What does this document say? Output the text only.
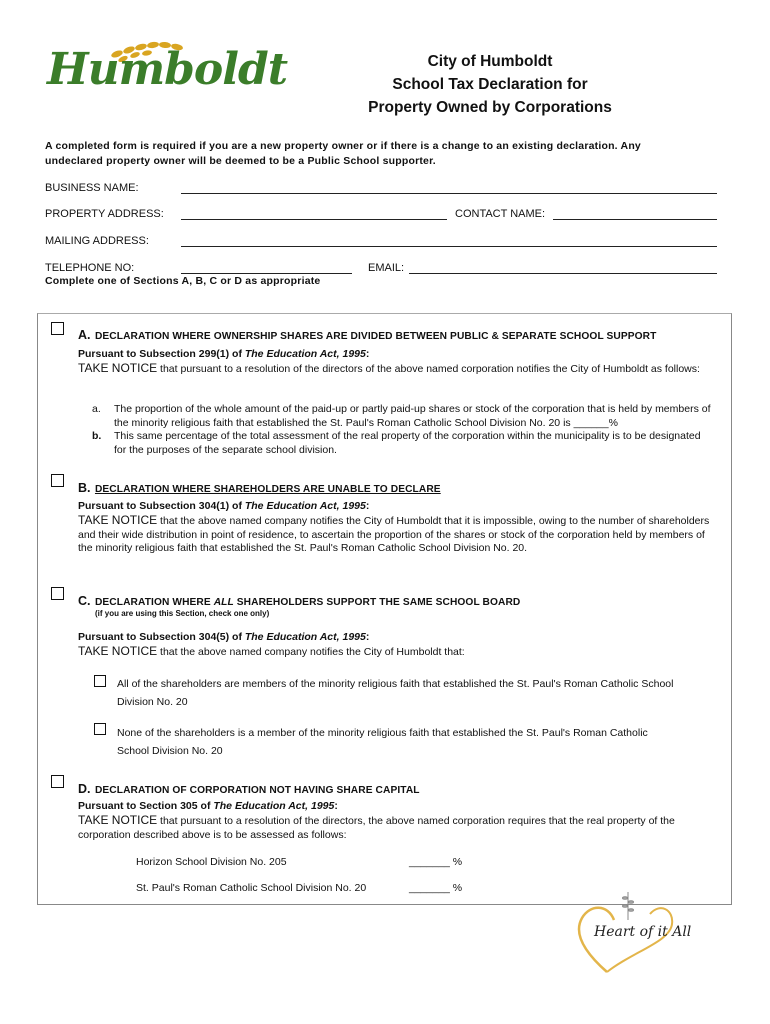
Humboldt	City of Humboldt
School Tax Declaration for
Property Owned by Corporations
A completed form is required if you are a new property owner or if there is a change to an existing declaration. Any undeclared property owner will be deemed to be a Public School supporter.
BUSINESS NAME:
PROPERTY ADDRESS:	CONTACT NAME:
MAILING ADDRESS:
TELEPHONE NO:	EMAIL:
Complete one of Sections A, B, C or D as appropriate
A. DECLARATION WHERE OWNERSHIP SHARES ARE DIVIDED BETWEEN PUBLIC & SEPARATE SCHOOL SUPPORT
Pursuant to Subsection 299(1) of The Education Act, 1995:
TAKE NOTICE that pursuant to a resolution of the directors of the above named corporation notifies the City of Humboldt as follows:
a. The proportion of the whole amount of the paid-up or partly paid-up shares or stock of the corporation that is held by members of the minority religious faith that established the St. Paul's Roman Catholic School Division No. 20 is ______%
b. This same percentage of the total assessment of the real property of the corporation within the municipality is to be designated for the purposes of the separate school division.
B. DECLARATION WHERE SHAREHOLDERS ARE UNABLE TO DECLARE
Pursuant to Subsection 304(1) of The Education Act, 1995:
TAKE NOTICE that the above named company notifies the City of Humboldt that it is impossible, owing to the number of shareholders and their wide distribution in point of residence, to ascertain the proportion of the shares or stock of the corporation held by members of the minority religious faith that established the St. Paul's Roman Catholic School Division No. 20.
C. DECLARATION WHERE ALL SHAREHOLDERS SUPPORT THE SAME SCHOOL BOARD
(if you are using this Section, check one only)
Pursuant to Subsection 304(5) of The Education Act, 1995:
TAKE NOTICE that the above named company notifies the City of Humboldt that:
All of the shareholders are members of the minority religious faith that established the St. Paul's Roman Catholic School
Division No. 20
None of the shareholders is a member of the minority religious faith that established the St. Paul's Roman Catholic
School Division No. 20
D. DECLARATION OF CORPORATION NOT HAVING SHARE CAPITAL
Pursuant to Section 305 of The Education Act, 1995:
TAKE NOTICE that pursuant to a resolution of the directors, the above named corporation requires that the real property of the corporation described above is to be assessed as follows:
Horizon School Division No. 205	_______ %
St. Paul's Roman Catholic School Division No. 20	_______ %
Heart of it All
